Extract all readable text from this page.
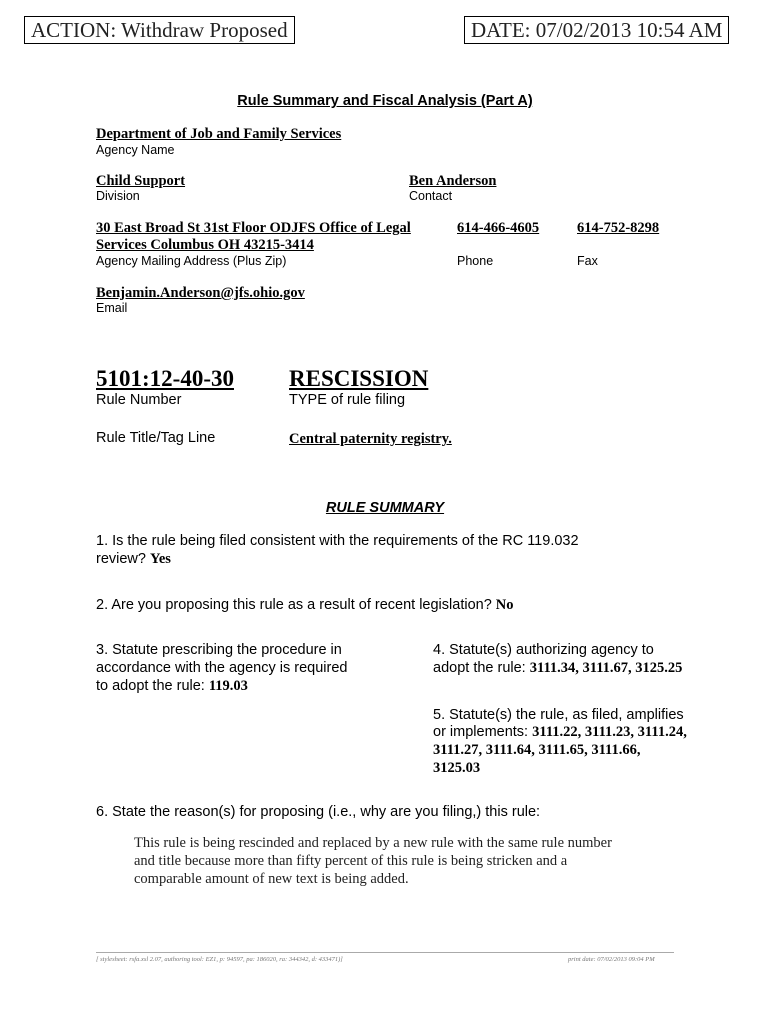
ACTION: Withdraw Proposed	DATE: 07/02/2013 10:54 AM
Rule Summary and Fiscal Analysis (Part A)
Department of Job and Family Services
Agency Name
Child Support
Division
Ben Anderson
Contact
30 East Broad St 31st Floor ODJFS Office of Legal
Services Columbus OH 43215-3414
Agency Mailing Address (Plus Zip)
614-466-4605
Phone
614-752-8298
Fax
Benjamin.Anderson@jfs.ohio.gov
Email
5101:12-40-30
Rule Number
RESCISSION
TYPE of rule filing
Rule Title/Tag Line	Central paternity registry.
RULE SUMMARY
1. Is the rule being filed consistent with the requirements of the RC 119.032
review? Yes
2. Are you proposing this rule as a result of recent legislation? No
3. Statute prescribing the procedure in
accordance with the agency is required
to adopt the rule: 119.03
4. Statute(s) authorizing agency to
adopt the rule: 3111.34, 3111.67, 3125.25
5. Statute(s) the rule, as filed, amplifies
or implements: 3111.22, 3111.23, 3111.24,
3111.27, 3111.64, 3111.65, 3111.66,
3125.03
6. State the reason(s) for proposing (i.e., why are you filing,) this rule:
This rule is being rescinded and replaced by a new rule with the same rule number
and title because more than fifty percent of this rule is being stricken and a
comparable amount of new text is being added.
[ stylesheet: rsfa.xsl 2.07, authoring tool: EZ1, p: 94597, pa: 186020, ra: 344342, d: 433471)]	print date: 07/02/2013 09:04 PM
